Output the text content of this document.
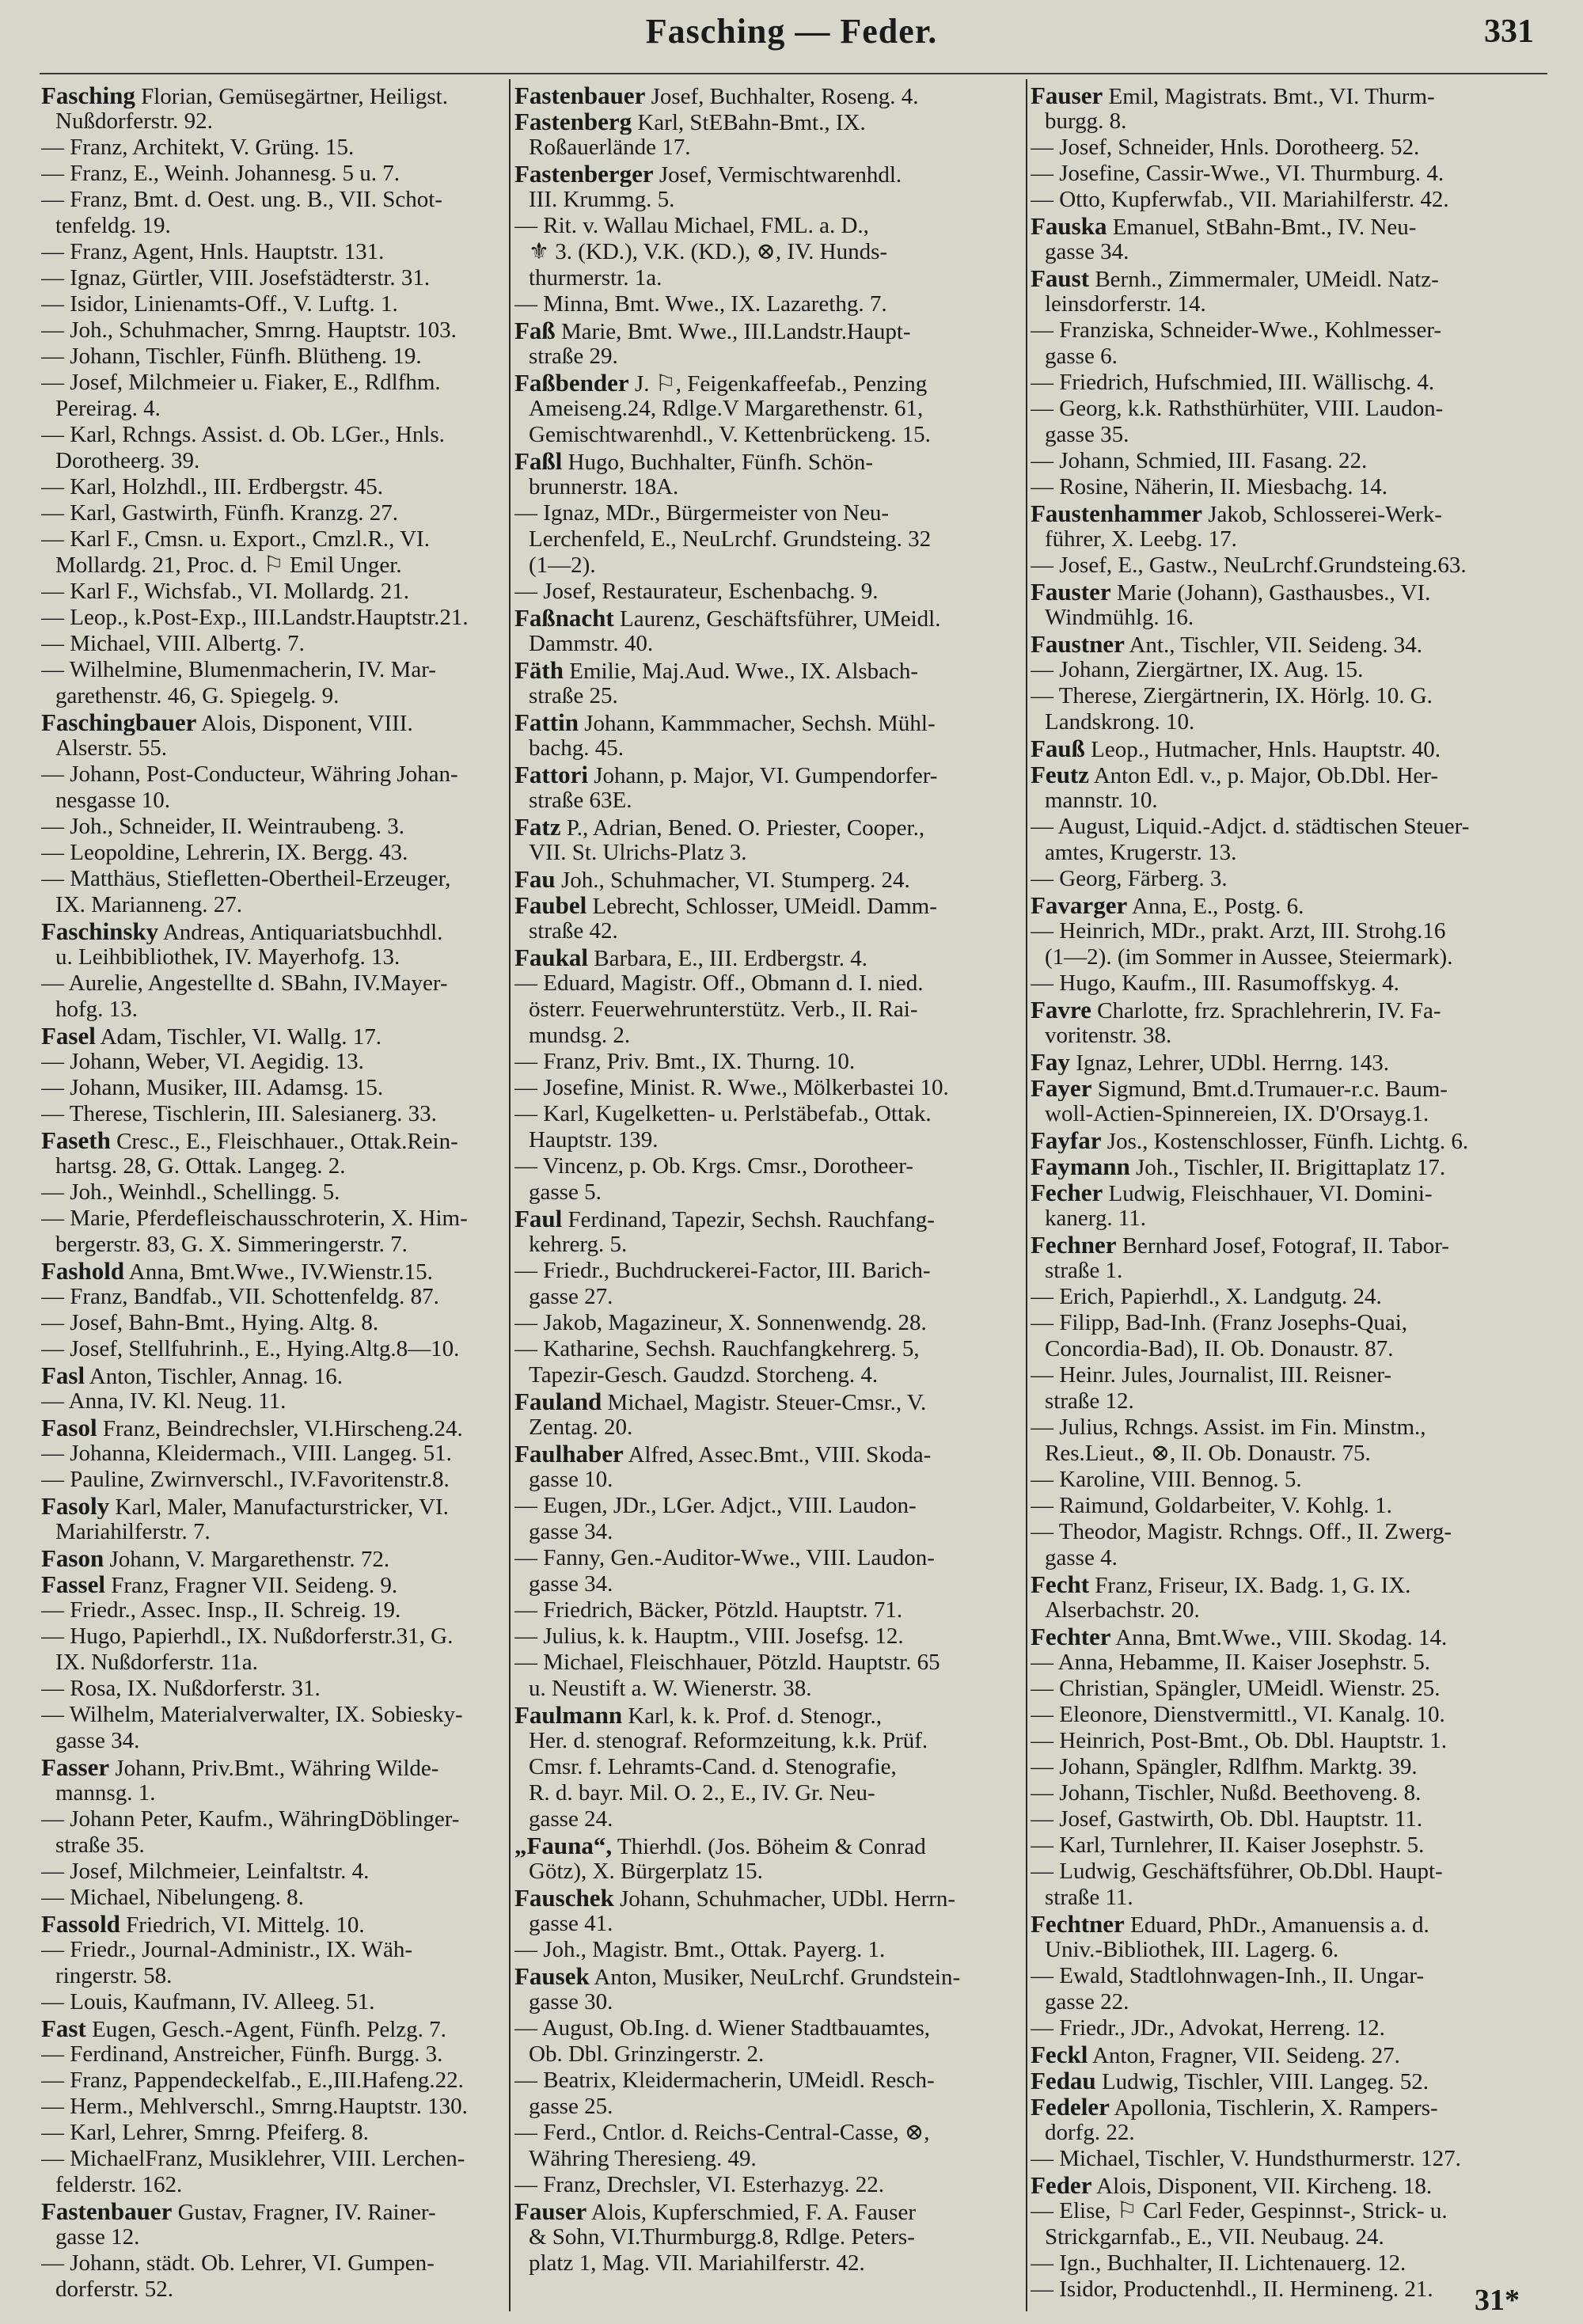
Fasching — Feder.	331
Fasching Florian, Gemüsegärtner, Heiligst.
Nußdorferstr. 92.
— Franz, Architekt, V. Grüng. 15.
— Franz, E., Weinh. Johannesg. 5 u. 7.
— Franz, Bmt. d. Oest. ung. B., VII. Schot-
tenfeldg. 19.
— Franz, Agent, Hnls. Hauptstr. 131.
— Ignaz, Gürtler, VIII. Josefstädterstr. 31.
— Isidor, Linienamts-Off., V. Luftg. 1.
— Joh., Schuhmacher, Smrng. Hauptstr. 103.
— Johann, Tischler, Fünfh. Blütheng. 19.
— Josef, Milchmeier u. Fiaker, E., Rdlfhm.
Pereirag. 4.
— Karl, Rchngs. Assist. d. Ob. LGer., Hnls.
Dorotheerg. 39.
— Karl, Holzhdl., III. Erdbergstr. 45.
— Karl, Gastwirth, Fünfh. Kranzg. 27.
— Karl F., Cmsn. u. Export., Cmzl.R., VI.
Mollardg. 21, Proc. d. ⚐ Emil Unger.
— Karl F., Wichsfab., VI. Mollardg. 21.
— Leop., k.Post-Exp., III.Landstr.Hauptstr.21.
— Michael, VIII. Albertg. 7.
— Wilhelmine, Blumenmacherin, IV. Mar-
garethenstr. 46, G. Spiegelg. 9.
Faschingbauer Alois, Disponent, VIII.
Alserstr. 55.
— Johann, Post-Conducteur, Währing Johan-
nesgasse 10.
— Joh., Schneider, II. Weintraubeng. 3.
— Leopoldine, Lehrerin, IX. Bergg. 43.
— Matthäus, Stiefletten-Obertheil-Erzeuger,
IX. Marianneng. 27.
Faschinsky Andreas, Antiquariatsbuchhdl.
u. Leihbibliothek, IV. Mayerhofg. 13.
— Aurelie, Angestellte d. SBahn, IV.Mayer-
hofg. 13.
Fasel Adam, Tischler, VI. Wallg. 17.
— Johann, Weber, VI. Aegidig. 13.
— Johann, Musiker, III. Adamsg. 15.
— Therese, Tischlerin, III. Salesianerg. 33.
Faseth Cresc., E., Fleischhauer., Ottak.Rein-
hartsg. 28, G. Ottak. Langeg. 2.
— Joh., Weinhdl., Schellingg. 5.
— Marie, Pferdefleischausschroterin, X. Him-
bergerstr. 83, G. X. Simmeringerstr. 7.
Fashold Anna, Bmt.Wwe., IV.Wienstr.15.
— Franz, Bandfab., VII. Schottenfeldg. 87.
— Josef, Bahn-Bmt., Hying. Altg. 8.
— Josef, Stellfuhrinh., E., Hying.Altg.8—10.
Fasl Anton, Tischler, Annag. 16.
— Anna, IV. Kl. Neug. 11.
Fasol Franz, Beindrechsler, VI.Hirscheng.24.
— Johanna, Kleidermach., VIII. Langeg. 51.
— Pauline, Zwirnverschl., IV.Favoritenstr.8.
Fasoly Karl, Maler, Manufacturstricker, VI.
Mariahilferstr. 7.
Fason Johann, V. Margarethenstr. 72.
Fassel Franz, Fragner VII. Seideng. 9.
— Friedr., Assec. Insp., II. Schreig. 19.
— Hugo, Papierhdl., IX. Nußdorferstr.31, G.
IX. Nußdorferstr. 11a.
— Rosa, IX. Nußdorferstr. 31.
— Wilhelm, Materialverwalter, IX. Sobiesky-
gasse 34.
Fasser Johann, Priv.Bmt., Währing Wilde-
mannsg. 1.
— Johann Peter, Kaufm., WähringDöblinger-
straße 35.
— Josef, Milchmeier, Leinfaltstr. 4.
— Michael, Nibelungeng. 8.
Fassold Friedrich, VI. Mittelg. 10.
— Friedr., Journal-Administr., IX. Wäh-
ringerstr. 58.
— Louis, Kaufmann, IV. Alleeg. 51.
Fast Eugen, Gesch.-Agent, Fünfh. Pelzg. 7.
— Ferdinand, Anstreicher, Fünfh. Burgg. 3.
— Franz, Pappendeckelfab., E.,III.Hafeng.22.
— Herm., Mehlverschl., Smrng.Hauptstr. 130.
— Karl, Lehrer, Smrng. Pfeiferg. 8.
— MichaelFranz, Musiklehrer, VIII. Lerchen-
felderstr. 162.
Fastenbauer Gustav, Fragner, IV. Rainer-
gasse 12.
— Johann, städt. Ob. Lehrer, VI. Gumpen-
dorferstr. 52.
Fastenbauer Josef, Buchhalter, Roseng. 4.
Fastenberg Karl, StEBahn-Bmt., IX.
Roßauerlände 17.
Fastenberger Josef, Vermischtwarenhdl.
III. Krummg. 5.
— Rit. v. Wallau Michael, FML. a. D.,
⚜ 3. (KD.), V.K. (KD.), ⊗, IV. Hunds-
thurmerstr. 1a.
— Minna, Bmt. Wwe., IX. Lazarethg. 7.
Faß Marie, Bmt. Wwe., III.Landstr.Haupt-
straße 29.
Faßbender J. ⚐, Feigenkaffeefab., Penzing
Ameiseng.24, Rdlge.V Margarethenstr. 61,
Gemischtwarenhdl., V. Kettenbrückeng. 15.
Faßl Hugo, Buchhalter, Fünfh. Schön-
brunnerstr. 18A.
— Ignaz, MDr., Bürgermeister von Neu-
Lerchenfeld, E., NeuLrchf. Grundsteing. 32
(1—2).
— Josef, Restaurateur, Eschenbachg. 9.
Faßnacht Laurenz, Geschäftsführer, UMeidl.
Dammstr. 40.
Fäth Emilie, Maj.Aud. Wwe., IX. Alsbach-
straße 25.
Fattin Johann, Kammmacher, Sechsh. Mühl-
bachg. 45.
Fattori Johann, p. Major, VI. Gumpendorfer-
straße 63E.
Fatz P., Adrian, Bened. O. Priester, Cooper.,
VII. St. Ulrichs-Platz 3.
Fau Joh., Schuhmacher, VI. Stumperg. 24.
Faubel Lebrecht, Schlosser, UMeidl. Damm-
straße 42.
Faukal Barbara, E., III. Erdbergstr. 4.
— Eduard, Magistr. Off., Obmann d. I. nied.
österr. Feuerwehrunterstütz. Verb., II. Rai-
mundsg. 2.
— Franz, Priv. Bmt., IX. Thurng. 10.
— Josefine, Minist. R. Wwe., Mölkerbastei 10.
— Karl, Kugelketten- u. Perlstäbefab., Ottak.
Hauptstr. 139.
— Vincenz, p. Ob. Krgs. Cmsr., Dorotheer-
gasse 5.
Faul Ferdinand, Tapezir, Sechsh. Rauchfang-
kehrerg. 5.
— Friedr., Buchdruckerei-Factor, III. Barich-
gasse 27.
— Jakob, Magazineur, X. Sonnenwendg. 28.
— Katharine, Sechsh. Rauchfangkehrerg. 5,
Tapezir-Gesch. Gaudzd. Storcheng. 4.
Fauland Michael, Magistr. Steuer-Cmsr., V.
Zentag. 20.
Faulhaber Alfred, Assec.Bmt., VIII. Skoda-
gasse 10.
— Eugen, JDr., LGer. Adjct., VIII. Laudon-
gasse 34.
— Fanny, Gen.-Auditor-Wwe., VIII. Laudon-
gasse 34.
— Friedrich, Bäcker, Pötzld. Hauptstr. 71.
— Julius, k. k. Hauptm., VIII. Josefsg. 12.
— Michael, Fleischhauer, Pötzld. Hauptstr. 65
u. Neustift a. W. Wienerstr. 38.
Faulmann Karl, k. k. Prof. d. Stenogr.,
Her. d. stenograf. Reformzeitung, k.k. Prüf.
Cmsr. f. Lehramts-Cand. d. Stenografie,
R. d. bayr. Mil. O. 2., E., IV. Gr. Neu-
gasse 24.
„Fauna“, Thierhdl. (Jos. Böheim & Conrad
Götz), X. Bürgerplatz 15.
Fauschek Johann, Schuhmacher, UDbl. Herrn-
gasse 41.
— Joh., Magistr. Bmt., Ottak. Payerg. 1.
Fausek Anton, Musiker, NeuLrchf. Grundstein-
gasse 30.
— August, Ob.Ing. d. Wiener Stadtbauamtes,
Ob. Dbl. Grinzingerstr. 2.
— Beatrix, Kleidermacherin, UMeidl. Resch-
gasse 25.
— Ferd., Cntlor. d. Reichs-Central-Casse, ⊗,
Währing Theresieng. 49.
— Franz, Drechsler, VI. Esterhazyg. 22.
Fauser Alois, Kupferschmied, F. A. Fauser
& Sohn, VI.Thurmburgg.8, Rdlge. Peters-
platz 1, Mag. VII. Mariahilferstr. 42.
Fauser Emil, Magistrats. Bmt., VI. Thurm-
burgg. 8.
— Josef, Schneider, Hnls. Dorotheerg. 52.
— Josefine, Cassir-Wwe., VI. Thurmburg. 4.
— Otto, Kupferwfab., VII. Mariahilferstr. 42.
Fauska Emanuel, StBahn-Bmt., IV. Neu-
gasse 34.
Faust Bernh., Zimmermaler, UMeidl. Natz-
leinsdorferstr. 14.
— Franziska, Schneider-Wwe., Kohlmesser-
gasse 6.
— Friedrich, Hufschmied, III. Wällischg. 4.
— Georg, k.k. Rathsthürhüter, VIII. Laudon-
gasse 35.
— Johann, Schmied, III. Fasang. 22.
— Rosine, Näherin, II. Miesbachg. 14.
Faustenhammer Jakob, Schlosserei-Werk-
führer, X. Leebg. 17.
— Josef, E., Gastw., NeuLrchf.Grundsteing.63.
Fauster Marie (Johann), Gasthausbes., VI.
Windmühlg. 16.
Faustner Ant., Tischler, VII. Seideng. 34.
— Johann, Ziergärtner, IX. Aug. 15.
— Therese, Ziergärtnerin, IX. Hörlg. 10. G.
Landskrong. 10.
Fauß Leop., Hutmacher, Hnls. Hauptstr. 40.
Feutz Anton Edl. v., p. Major, Ob.Dbl. Her-
mannstr. 10.
— August, Liquid.-Adjct. d. städtischen Steuer-
amtes, Krugerstr. 13.
— Georg, Färberg. 3.
Favarger Anna, E., Postg. 6.
— Heinrich, MDr., prakt. Arzt, III. Strohg.16
(1—2). (im Sommer in Aussee, Steiermark).
— Hugo, Kaufm., III. Rasumoffskyg. 4.
Favre Charlotte, frz. Sprachlehrerin, IV. Fa-
voritenstr. 38.
Fay Ignaz, Lehrer, UDbl. Herrng. 143.
Fayer Sigmund, Bmt.d.Trumauer-r.c. Baum-
woll-Actien-Spinnereien, IX. D'Orsayg.1.
Fayfar Jos., Kostenschlosser, Fünfh. Lichtg. 6.
Faymann Joh., Tischler, II. Brigittaplatz 17.
Fecher Ludwig, Fleischhauer, VI. Domini-
kanerg. 11.
Fechner Bernhard Josef, Fotograf, II. Tabor-
straße 1.
— Erich, Papierhdl., X. Landgutg. 24.
— Filipp, Bad-Inh. (Franz Josephs-Quai,
Concordia-Bad), II. Ob. Donaustr. 87.
— Heinr. Jules, Journalist, III. Reisner-
straße 12.
— Julius, Rchngs. Assist. im Fin. Minstm.,
Res.Lieut., ⊗, II. Ob. Donaustr. 75.
— Karoline, VIII. Bennog. 5.
— Raimund, Goldarbeiter, V. Kohlg. 1.
— Theodor, Magistr. Rchngs. Off., II. Zwerg-
gasse 4.
Fecht Franz, Friseur, IX. Badg. 1, G. IX.
Alserbachstr. 20.
Fechter Anna, Bmt.Wwe., VIII. Skodag. 14.
— Anna, Hebamme, II. Kaiser Josephstr. 5.
— Christian, Spängler, UMeidl. Wienstr. 25.
— Eleonore, Dienstvermittl., VI. Kanalg. 10.
— Heinrich, Post-Bmt., Ob. Dbl. Hauptstr. 1.
— Johann, Spängler, Rdlfhm. Marktg. 39.
— Johann, Tischler, Nußd. Beethoveng. 8.
— Josef, Gastwirth, Ob. Dbl. Hauptstr. 11.
— Karl, Turnlehrer, II. Kaiser Josephstr. 5.
— Ludwig, Geschäftsführer, Ob.Dbl. Haupt-
straße 11.
Fechtner Eduard, PhDr., Amanuensis a. d.
Univ.-Bibliothek, III. Lagerg. 6.
— Ewald, Stadtlohnwagen-Inh., II. Ungar-
gasse 22.
— Friedr., JDr., Advokat, Herreng. 12.
Feckl Anton, Fragner, VII. Seideng. 27.
Fedau Ludwig, Tischler, VIII. Langeg. 52.
Fedeler Apollonia, Tischlerin, X. Rampers-
dorfg. 22.
— Michael, Tischler, V. Hundsthurmerstr. 127.
Feder Alois, Disponent, VII. Kircheng. 18.
— Elise, ⚐ Carl Feder, Gespinnst-, Strick- u.
Strickgarnfab., E., VII. Neubaug. 24.
— Ign., Buchhalter, II. Lichtenauerg. 12.
— Isidor, Productenhdl., II. Hermineng. 21.	31*
